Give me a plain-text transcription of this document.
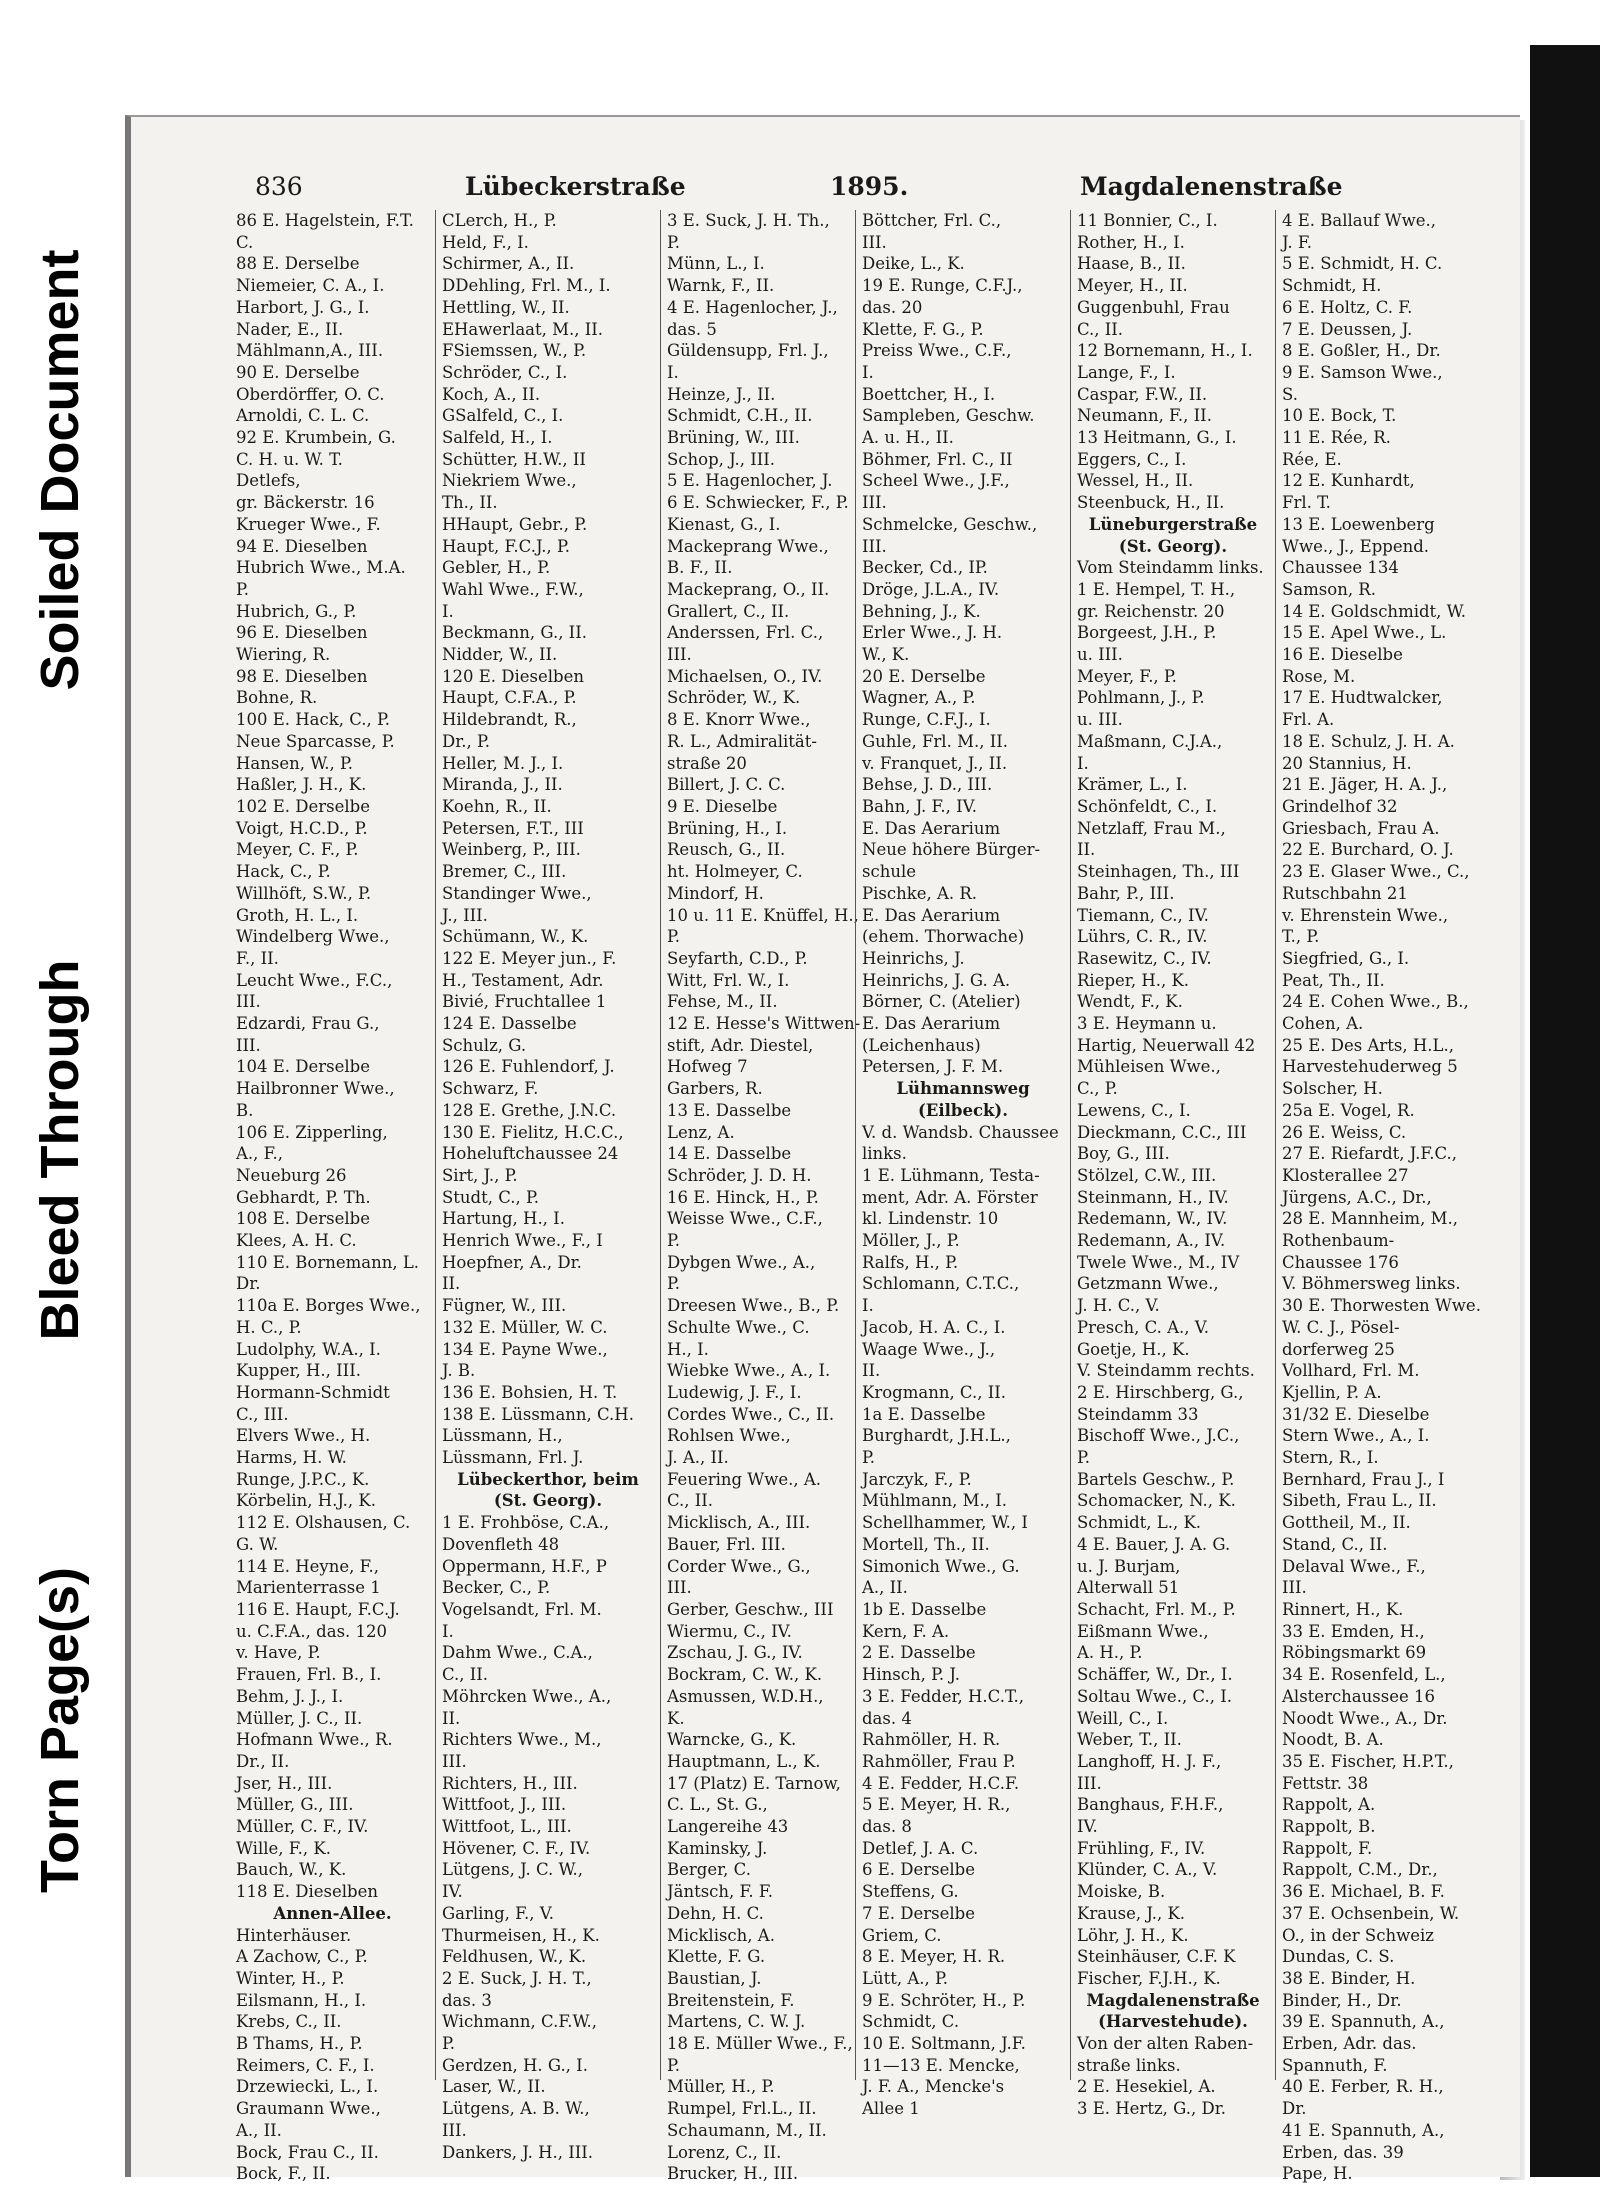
Soiled Document
Bleed Through
Torn Page(s)
836	Lübeckerstraße	1895.	Magdalenenstraße
86 E. Hagelstein, F.T.
C.
88 E. Derselbe
Niemeier, C. A., I.
Harbort, J. G., I.
Nader, E., II.
Mählmann,A., III.
90 E. Derselbe
Oberdörffer, O. C.
Arnoldi, C. L. C.
92 E. Krumbein, G.
C. H. u. W. T.
Detlefs,
gr. Bäckerstr. 16
Krueger Wwe., F.
94 E. Dieselben
Hubrich Wwe., M.A.
P.
Hubrich, G., P.
96 E. Dieselben
Wiering, R.
98 E. Dieselben
Bohne, R.
100 E. Hack, C., P.
Neue Sparcasse, P.
Hansen, W., P.
Haßler, J. H., K.
102 E. Derselbe
Voigt, H.C.D., P.
Meyer, C. F., P.
Hack, C., P.
Willhöft, S.W., P.
Groth, H. L., I.
Windelberg Wwe.,
F., II.
Leucht Wwe., F.C.,
III.
Edzardi, Frau G.,
III.
104 E. Derselbe
Hailbronner Wwe.,
B.
106 E. Zipperling,
A., F.,
Neueburg 26
Gebhardt, P. Th.
108 E. Derselbe
Klees, A. H. C.
110 E. Bornemann, L.
Dr.
110a E. Borges Wwe.,
H. C., P.
Ludolphy, W.A., I.
Kupper, H., III.
Hormann-Schmidt
C., III.
Elvers Wwe., H.
Harms, H. W.
Runge, J.P.C., K.
Körbelin, H.J., K.
112 E. Olshausen, C.
G. W.
114 E. Heyne, F.,
Marienterrasse 1
116 E. Haupt, F.C.J.
u. C.F.A., das. 120
v. Have, P.
Frauen, Frl. B., I.
Behm, J. J., I.
Müller, J. C., II.
Hofmann Wwe., R.
Dr., II.
Jser, H., III.
Müller, G., III.
Müller, C. F., IV.
Wille, F., K.
Bauch, W., K.
118 E. Dieselben
Annen-Allee.
Hinterhäuser.
A Zachow, C., P.
Winter, H., P.
Eilsmann, H., I.
Krebs, C., II.
B Thams, H., P.
Reimers, C. F., I.
Drzewiecki, L., I.
Graumann Wwe.,
A., II.
Bock, Frau C., II.
Bock, F., II.
CLerch, H., P.
Held, F., I.
Schirmer, A., II.
DDehling, Frl. M., I.
Hettling, W., II.
EHawerlaat, M., II.
FSiemssen, W., P.
Schröder, C., I.
Koch, A., II.
GSalfeld, C., I.
Salfeld, H., I.
Schütter, H.W., II
Niekriem Wwe.,
Th., II.
HHaupt, Gebr., P.
Haupt, F.C.J., P.
Gebler, H., P.
Wahl Wwe., F.W.,
I.
Beckmann, G., II.
Nidder, W., II.
120 E. Dieselben
Haupt, C.F.A., P.
Hildebrandt, R.,
Dr., P.
Heller, M. J., I.
Miranda, J., II.
Koehn, R., II.
Petersen, F.T., III
Weinberg, P., III.
Bremer, C., III.
Standinger Wwe.,
J., III.
Schümann, W., K.
122 E. Meyer jun., F.
H., Testament, Adr.
Bivié, Fruchtallee 1
124 E. Dasselbe
Schulz, G.
126 E. Fuhlendorf, J.
Schwarz, F.
128 E. Grethe, J.N.C.
130 E. Fielitz, H.C.C.,
Hoheluftchaussee 24
Sirt, J., P.
Studt, C., P.
Hartung, H., I.
Henrich Wwe., F., I
Hoepfner, A., Dr.
II.
Fügner, W., III.
132 E. Müller, W. C.
134 E. Payne Wwe.,
J. B.
136 E. Bohsien, H. T.
138 E. Lüssmann, C.H.
Lüssmann, H.,
Lüssmann, Frl. J.
Lübeckerthor, beim
(St. Georg).
1 E. Frohböse, C.A.,
Dovenfleth 48
Oppermann, H.F., P
Becker, C., P.
Vogelsandt, Frl. M.
I.
Dahm Wwe., C.A.,
C., II.
Möhrcken Wwe., A.,
II.
Richters Wwe., M.,
III.
Richters, H., III.
Wittfoot, J., III.
Wittfoot, L., III.
Hövener, C. F., IV.
Lütgens, J. C. W.,
IV.
Garling, F., V.
Thurmeisen, H., K.
Feldhusen, W., K.
2 E. Suck, J. H. T.,
das. 3
Wichmann, C.F.W.,
P.
Gerdzen, H. G., I.
Laser, W., II.
Lütgens, A. B. W.,
III.
Dankers, J. H., III.
3 E. Suck, J. H. Th.,
P.
Münn, L., I.
Warnk, F., II.
4 E. Hagenlocher, J.,
das. 5
Güldensupp, Frl. J.,
I.
Heinze, J., II.
Schmidt, C.H., II.
Brüning, W., III.
Schop, J., III.
5 E. Hagenlocher, J.
6 E. Schwiecker, F., P.
Kienast, G., I.
Mackeprang Wwe.,
B. F., II.
Mackeprang, O., II.
Grallert, C., II.
Anderssen, Frl. C.,
III.
Michaelsen, O., IV.
Schröder, W., K.
8 E. Knorr Wwe.,
R. L., Admiralität-
straße 20
Billert, J. C. C.
9 E. Dieselbe
Brüning, H., I.
Reusch, G., II.
ht. Holmeyer, C.
Mindorf, H.
10 u. 11 E. Knüffel, H.,
P.
Seyfarth, C.D., P.
Witt, Frl. W., I.
Fehse, M., II.
12 E. Hesse's Wittwen-
stift, Adr. Diestel,
Hofweg 7
Garbers, R.
13 E. Dasselbe
Lenz, A.
14 E. Dasselbe
Schröder, J. D. H.
16 E. Hinck, H., P.
Weisse Wwe., C.F.,
P.
Dybgen Wwe., A.,
P.
Dreesen Wwe., B., P.
Schulte Wwe., C.
H., I.
Wiebke Wwe., A., I.
Ludewig, J. F., I.
Cordes Wwe., C., II.
Rohlsen Wwe.,
J. A., II.
Feuering Wwe., A.
C., II.
Micklisch, A., III.
Bauer, Frl. III.
Corder Wwe., G.,
III.
Gerber, Geschw., III
Wiermu, C., IV.
Zschau, J. G., IV.
Bockram, C. W., K.
Asmussen, W.D.H.,
K.
Warncke, G., K.
Hauptmann, L., K.
17 (Platz) E. Tarnow,
C. L., St. G.,
Langereihe 43
Kaminsky, J.
Berger, C.
Jäntsch, F. F.
Dehn, H. C.
Micklisch, A.
Klette, F. G.
Baustian, J.
Breitenstein, F.
Martens, C. W. J.
18 E. Müller Wwe., F.,
P.
Müller, H., P.
Rumpel, Frl.L., II.
Schaumann, M., II.
Lorenz, C., II.
Brucker, H., III.
Böttcher, Frl. C.,
III.
Deike, L., K.
19 E. Runge, C.F.J.,
das. 20
Klette, F. G., P.
Preiss Wwe., C.F.,
I.
Boettcher, H., I.
Sampleben, Geschw.
A. u. H., II.
Böhmer, Frl. C., II
Scheel Wwe., J.F.,
III.
Schmelcke, Geschw.,
III.
Becker, Cd., IP.
Dröge, J.L.A., IV.
Behning, J., K.
Erler Wwe., J. H.
W., K.
20 E. Derselbe
Wagner, A., P.
Runge, C.F.J., I.
Guhle, Frl. M., II.
v. Franquet, J., II.
Behse, J. D., III.
Bahn, J. F., IV.
E. Das Aerarium
Neue höhere Bürger-
schule
Pischke, A. R.
E. Das Aerarium
(ehem. Thorwache)
Heinrichs, J.
Heinrichs, J. G. A.
Börner, C. (Atelier)
E. Das Aerarium
(Leichenhaus)
Petersen, J. F. M.
Lühmannsweg
(Eilbeck).
V. d. Wandsb. Chaussee
links.
1 E. Lühmann, Testa-
ment, Adr. A. Förster
kl. Lindenstr. 10
Möller, J., P.
Ralfs, H., P.
Schlomann, C.T.C.,
I.
Jacob, H. A. C., I.
Waage Wwe., J.,
II.
Krogmann, C., II.
1a E. Dasselbe
Burghardt, J.H.L.,
P.
Jarczyk, F., P.
Mühlmann, M., I.
Schellhammer, W., I
Mortell, Th., II.
Simonich Wwe., G.
A., II.
1b E. Dasselbe
Kern, F. A.
2 E. Dasselbe
Hinsch, P. J.
3 E. Fedder, H.C.T.,
das. 4
Rahmöller, H. R.
Rahmöller, Frau P.
4 E. Fedder, H.C.F.
5 E. Meyer, H. R.,
das. 8
Detlef, J. A. C.
6 E. Derselbe
Steffens, G.
7 E. Derselbe
Griem, C.
8 E. Meyer, H. R.
Lütt, A., P.
9 E. Schröter, H., P.
Schmidt, C.
10 E. Soltmann, J.F.
11—13 E. Mencke,
J. F. A., Mencke's
Allee 1
11 Bonnier, C., I.
Rother, H., I.
Haase, B., II.
Meyer, H., II.
Guggenbuhl, Frau
C., II.
12 Bornemann, H., I.
Lange, F., I.
Caspar, F.W., II.
Neumann, F., II.
13 Heitmann, G., I.
Eggers, C., I.
Wessel, H., II.
Steenbuck, H., II.
Lüneburgerstraße
(St. Georg).
Vom Steindamm links.
1 E. Hempel, T. H.,
gr. Reichenstr. 20
Borgeest, J.H., P.
u. III.
Meyer, F., P.
Pohlmann, J., P.
u. III.
Maßmann, C.J.A.,
I.
Krämer, L., I.
Schönfeldt, C., I.
Netzlaff, Frau M.,
II.
Steinhagen, Th., III
Bahr, P., III.
Tiemann, C., IV.
Lührs, C. R., IV.
Rasewitz, C., IV.
Rieper, H., K.
Wendt, F., K.
3 E. Heymann u.
Hartig, Neuerwall 42
Mühleisen Wwe.,
C., P.
Lewens, C., I.
Dieckmann, C.C., III
Boy, G., III.
Stölzel, C.W., III.
Steinmann, H., IV.
Redemann, W., IV.
Redemann, A., IV.
Twele Wwe., M., IV
Getzmann Wwe.,
J. H. C., V.
Presch, C. A., V.
Goetje, H., K.
V. Steindamm rechts.
2 E. Hirschberg, G.,
Steindamm 33
Bischoff Wwe., J.C.,
P.
Bartels Geschw., P.
Schomacker, N., K.
Schmidt, L., K.
4 E. Bauer, J. A. G.
u. J. Burjam,
Alterwall 51
Schacht, Frl. M., P.
Eißmann Wwe.,
A. H., P.
Schäffer, W., Dr., I.
Soltau Wwe., C., I.
Weill, C., I.
Weber, T., II.
Langhoff, H. J. F.,
III.
Banghaus, F.H.F.,
IV.
Frühling, F., IV.
Klünder, C. A., V.
Moiske, B.
Krause, J., K.
Löhr, J. H., K.
Steinhäuser, C.F. K
Fischer, F.J.H., K.
Magdalenenstraße
(Harvestehude).
Von der alten Raben-
straße links.
2 E. Hesekiel, A.
3 E. Hertz, G., Dr.
4 E. Ballauf Wwe.,
J. F.
5 E. Schmidt, H. C.
Schmidt, H.
6 E. Holtz, C. F.
7 E. Deussen, J.
8 E. Goßler, H., Dr.
9 E. Samson Wwe.,
S.
10 E. Bock, T.
11 E. Rée, R.
Rée, E.
12 E. Kunhardt,
Frl. T.
13 E. Loewenberg
Wwe., J., Eppend.
Chaussee 134
Samson, R.
14 E. Goldschmidt, W.
15 E. Apel Wwe., L.
16 E. Dieselbe
Rose, M.
17 E. Hudtwalcker,
Frl. A.
18 E. Schulz, J. H. A.
20 Stannius, H.
21 E. Jäger, H. A. J.,
Grindelhof 32
Griesbach, Frau A.
22 E. Burchard, O. J.
23 E. Glaser Wwe., C.,
Rutschbahn 21
v. Ehrenstein Wwe.,
T., P.
Siegfried, G., I.
Peat, Th., II.
24 E. Cohen Wwe., B.,
Cohen, A.
25 E. Des Arts, H.L.,
Harvestehuderweg 5
Solscher, H.
25a E. Vogel, R.
26 E. Weiss, C.
27 E. Riefardt, J.F.C.,
Klosterallee 27
Jürgens, A.C., Dr.,
28 E. Mannheim, M.,
Rothenbaum-
Chaussee 176
V. Böhmersweg links.
30 E. Thorwesten Wwe.
W. C. J., Pösel-
dorferweg 25
Vollhard, Frl. M.
Kjellin, P. A.
31/32 E. Dieselbe
Stern Wwe., A., I.
Stern, R., I.
Bernhard, Frau J., I
Sibeth, Frau L., II.
Gottheil, M., II.
Stand, C., II.
Delaval Wwe., F.,
III.
Rinnert, H., K.
33 E. Emden, H.,
Röbingsmarkt 69
34 E. Rosenfeld, L.,
Alsterchaussee 16
Noodt Wwe., A., Dr.
Noodt, B. A.
35 E. Fischer, H.P.T.,
Fettstr. 38
Rappolt, A.
Rappolt, B.
Rappolt, F.
Rappolt, C.M., Dr.,
36 E. Michael, B. F.
37 E. Ochsenbein, W.
O., in der Schweiz
Dundas, C. S.
38 E. Binder, H.
Binder, H., Dr.
39 E. Spannuth, A.,
Erben, Adr. das.
Spannuth, F.
40 E. Ferber, R. H.,
Dr.
41 E. Spannuth, A.,
Erben, das. 39
Pape, H.
